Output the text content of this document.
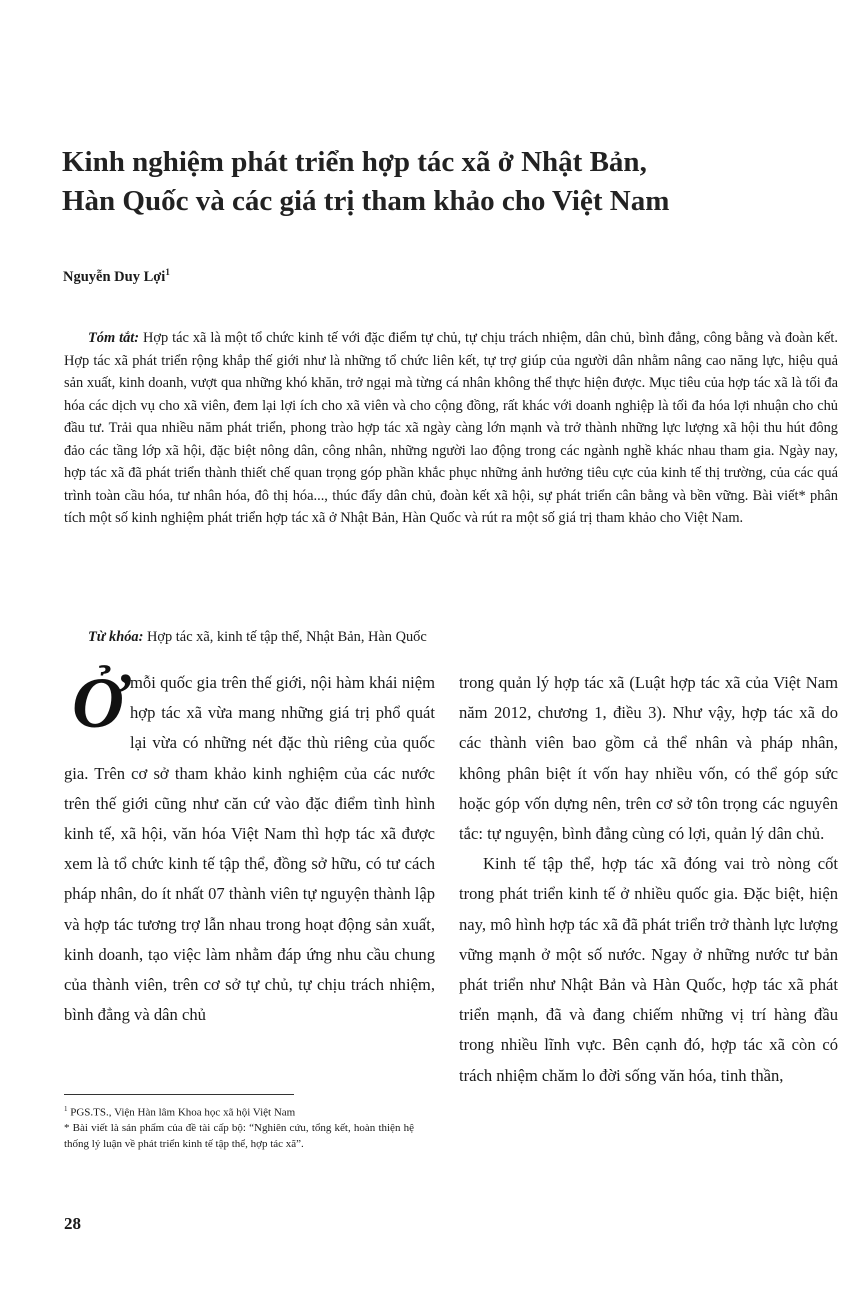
Kinh nghiệm phát triển hợp tác xã ở Nhật Bản,
Hàn Quốc và các giá trị tham khảo cho Việt Nam
Nguyễn Duy Lợi$^1$
Tóm tắt: Hợp tác xã là một tổ chức kinh tế với đặc điểm tự chủ, tự chịu trách nhiệm, dân chủ, bình đẳng, công bằng và đoàn kết. Hợp tác xã phát triển rộng khắp thế giới như là những tổ chức liên kết, tự trợ giúp của người dân nhằm nâng cao năng lực, hiệu quả sản xuất, kinh doanh, vượt qua những khó khăn, trở ngại mà từng cá nhân không thể thực hiện được. Mục tiêu của hợp tác xã là tối đa hóa các dịch vụ cho xã viên, đem lại lợi ích cho xã viên và cho cộng đồng, rất khác với doanh nghiệp là tối đa hóa lợi nhuận cho chủ đầu tư. Trải qua nhiều năm phát triển, phong trào hợp tác xã ngày càng lớn mạnh và trở thành những lực lượng xã hội thu hút đông đảo các tầng lớp xã hội, đặc biệt nông dân, công nhân, những người lao động trong các ngành nghề khác nhau tham gia. Ngày nay, hợp tác xã đã phát triển thành thiết chế quan trọng góp phần khắc phục những ảnh hưởng tiêu cực của kinh tế thị trường, của các quá trình toàn cầu hóa, tư nhân hóa, đô thị hóa..., thúc đẩy dân chủ, đoàn kết xã hội, sự phát triển cân bằng và bền vững. Bài viết* phân tích một số kinh nghiệm phát triển hợp tác xã ở Nhật Bản, Hàn Quốc và rút ra một số giá trị tham khảo cho Việt Nam.
Từ khóa: Hợp tác xã, kinh tế tập thể, Nhật Bản, Hàn Quốc

Ởmỗi quốc gia trên thế giới, nội hàm khái niệm hợp tác xã vừa mang những giá trị phổ quát lại vừa có những nét đặc thù riêng của quốc gia. Trên cơ sở tham khảo kinh nghiệm của các nước trên thế giới cũng như căn cứ vào đặc điểm tình hình kinh tế, xã hội, văn hóa Việt Nam thì hợp tác xã được xem là tổ chức kinh tế tập thể, đồng sở hữu, có tư cách pháp nhân, do ít nhất 07 thành viên tự nguyện thành lập và hợp tác tương trợ lẫn nhau trong hoạt động sản xuất, kinh doanh, tạo việc làm nhằm đáp ứng nhu cầu chung của thành viên, trên cơ sở tự chủ, tự chịu trách nhiệm, bình đẳng và dân chủ

trong quản lý hợp tác xã (Luật hợp tác xã của Việt Nam năm 2012, chương 1, điều 3). Như vậy, hợp tác xã do các thành viên bao gồm cả thể nhân và pháp nhân, không phân biệt ít vốn hay nhiều vốn, có thể góp sức hoặc góp vốn dựng nên, trên cơ sở tôn trọng các nguyên tắc: tự nguyện, bình đẳng cùng có lợi, quản lý dân chủ.

Kinh tế tập thể, hợp tác xã đóng vai trò nòng cốt trong phát triển kinh tế ở nhiều quốc gia. Đặc biệt, hiện nay, mô hình hợp tác xã đã phát triển trở thành lực lượng vững mạnh ở một số nước. Ngay ở những nước tư bản phát triển như Nhật Bản và Hàn Quốc, hợp tác xã phát triển mạnh, đã và đang chiếm những vị trí hàng đầu trong nhiều lĩnh vực. Bên cạnh đó, hợp tác xã còn có trách nhiệm chăm lo đời sống văn hóa, tinh thần,

$^1$ PGS.TS., Viện Hàn lâm Khoa học xã hội Việt Nam

* Bài viết là sản phẩm của đề tài cấp bộ: “Nghiên cứu, tổng kết, hoàn thiện hệ thống lý luận về phát triển kinh tế tập thể, hợp tác xã”.

28
